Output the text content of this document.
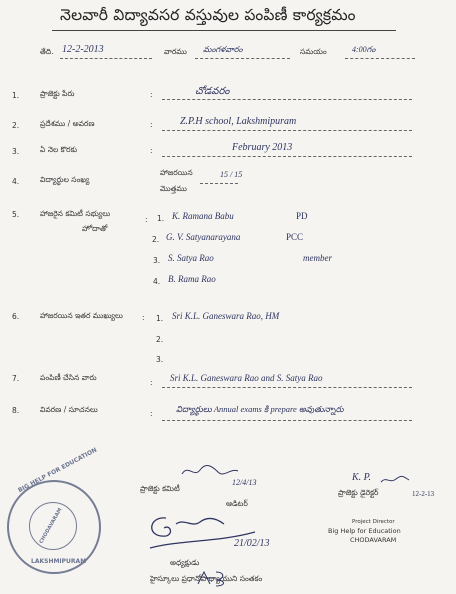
నెలవారీ విద్యావసర వస్తువుల పంపిణీ కార్యక్రమం
తేది. 12-2-2013	వారము మంగళవారం	సమయం	4:00గం
1.	ప్రాజెక్టు పేరు	:	చోడవరం
2.	ప్రదేశము / అవరణ	:	Z.P.H school, Lakshmipuram
3.	ఏ నెల కొరకు	:	February 2013
4.	విద్యార్థుల సంఖ్య
హాజరయిన
మొత్తము
15 / 15
5.	హాజరైన కమిటీ సభ్యులు
హోదాతో
: 1. K. Ramana Babu	PD
2. G. V. Satyanarayana	PCC
3. S. Satya Rao	member
4. B. Rama Rao
6.	హాజరయిన ఇతర ముఖ్యులు	: 1. Sri K.L. Ganeswara Rao, HM
2.
3.
7.	పంపిణీ చేసిన వారు
: Sri K.L. Ganeswara Rao and S. Satya Rao
8.	వివరణ / సూచనలు	:	విద్యార్థులు Annual exams కి prepare అవుతున్నారు
12/4/13
ప్రాజెక్టు కమిటీ
ఆడిటర్
K. P.
12-2-13
ప్రాజెక్టు డైరెక్టర్
Project Director
Big Help for Education
CHODAVARAM
21/02/13
అధ్యక్షుడు
హైస్కూలు ప్రధానోపాధ్యాయుని సంతకం
BIG HELP FOR EDUCATION
LAKSHMIPURAM
CHODAVARAM
